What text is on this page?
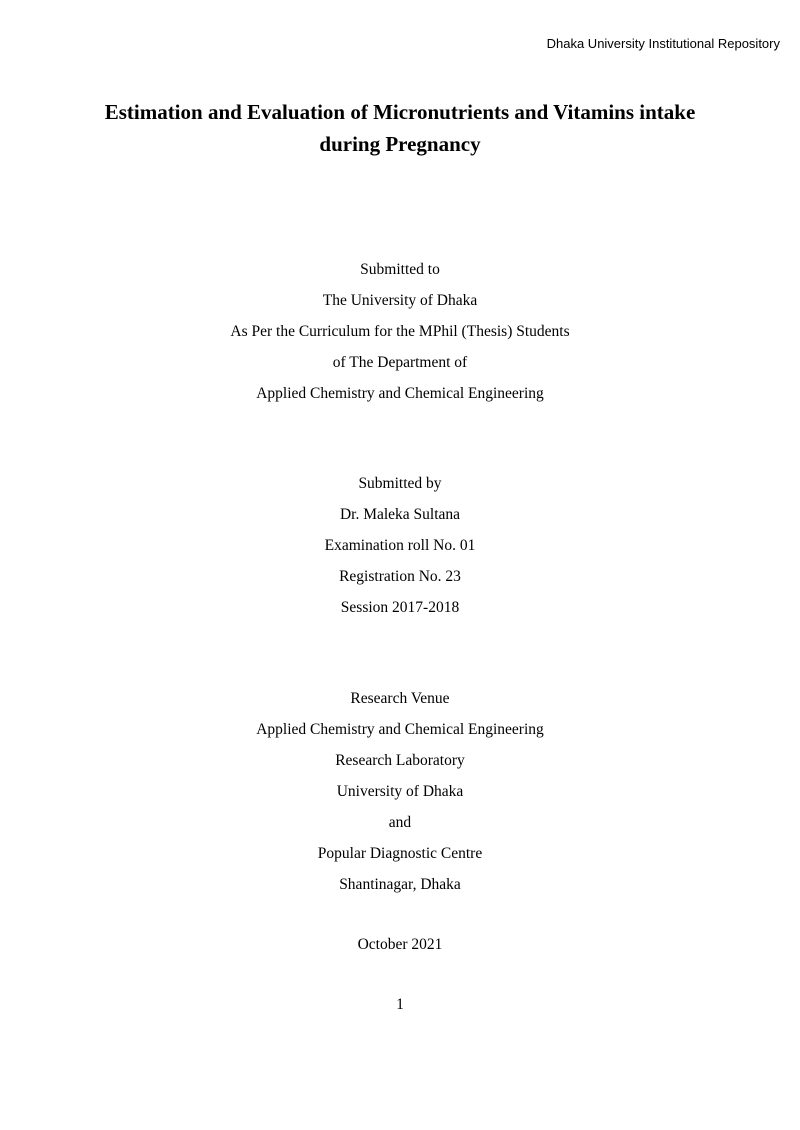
Dhaka University Institutional Repository
Estimation and Evaluation of Micronutrients and Vitamins intake
during Pregnancy
Submitted to
The University of Dhaka
As Per the Curriculum for the MPhil (Thesis) Students
of The Department of
Applied Chemistry and Chemical Engineering
Submitted by
Dr. Maleka Sultana
Examination roll No. 01
Registration No. 23
Session 2017-2018
Research Venue
Applied Chemistry and Chemical Engineering
Research Laboratory
University of Dhaka
and
Popular Diagnostic Centre
Shantinagar, Dhaka
October 2021
1
